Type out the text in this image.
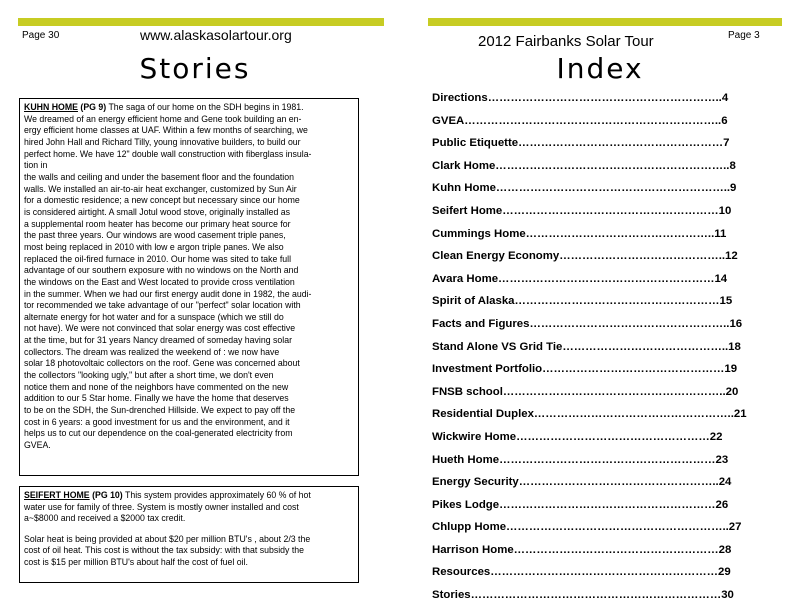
Page 30	www.alaskasolartour.org	2012 Fairbanks Solar Tour	Page 3
Stories	Index

KUHN HOME (PG 9) The saga of our home on the SDH begins in 1981.
We dreamed of an energy efficient home and Gene took building an en-
ergy efficient home classes at UAF. Within a few months of searching, we
hired John Hall and Richard Tilly, young innovative builders, to build our
perfect home. We have 12" double wall construction with fiberglass insula-
tion in
the walls and ceiling and under the basement floor and the foundation
walls. We installed an air-to-air heat exchanger, customized by Sun Air
for a domestic residence; a new concept but necessary since our home
is considered airtight. A small Jotul wood stove, originally installed as
a supplemental room heater has become our primary heat source for
the past three years. Our windows are wood casement triple panes,
most being replaced in 2010 with low e argon triple panes. We also
replaced the oil-fired furnace in 2010. Our home was sited to take full
advantage of our southern exposure with no windows on the North and
the windows on the East and West located to provide cross ventilation
in the summer. When we had our first energy audit done in 1982, the audi-
tor recommended we take advantage of our "perfect" solar location with
alternate energy for hot water and for a sunspace (which we still do
not have). We were not convinced that solar energy was cost effective
at the time, but for 31 years Nancy dreamed of someday having solar
collectors. The dream was realized the weekend of : we now have
solar 18 photovoltaic collectors on the roof. Gene was concerned about
the collectors "looking ugly," but after a short time, we don't even
notice them and none of the neighbors have commented on the new
addition to our 5 Star home. Finally we have the home that deserves
to be on the SDH, the Sun-drenched Hillside. We expect to pay off the
cost in 6 years: a good investment for us and the environment, and it
helps us to cut our dependence on the coal-generated electricity from
GVEA.

SEIFERT HOME (PG 10) This system provides approximately 60 % of hot
water use for family of three. System is mostly owner installed and cost
a~$8000 and received a $2000 tax credit.

Solar heat is being provided at about $20 per million BTU's , about 2/3 the
cost of oil heat. This cost is without the tax subsidy: with that subsidy the
cost is $15 per million BTU's about half the cost of fuel oil.

Directions……………………………………………………..4
GVEA…………………………………………………………..6
Public Etiquette………………………………………………7
Clark Home……………………………………………………..8
Kuhn Home……………………………………………………..9
Seifert Home…………………………………………………10
Cummings Home…………………………………………..11
Clean Energy Economy……………………………………..12
Avara Home…………………………………………………14
Spirit of Alaska………………………………………………15
Facts and Figures……………………………………………..16
Stand Alone VS Grid Tie……………………………………..18
Investment Portfolio…………………………………………19
FNSB school…………………………………………………..20
Residential Duplex……………………………………………..21
Wickwire Home……………………………………………22
Hueth Home…………………………………………………23
Energy Security……………………………………………..24
Pikes Lodge…………………………………………………26
Chlupp Home…………………………………………………..27
Harrison Home………………………………………………28
Resources……………………………………………………29
Stories…………………………………………………………30
